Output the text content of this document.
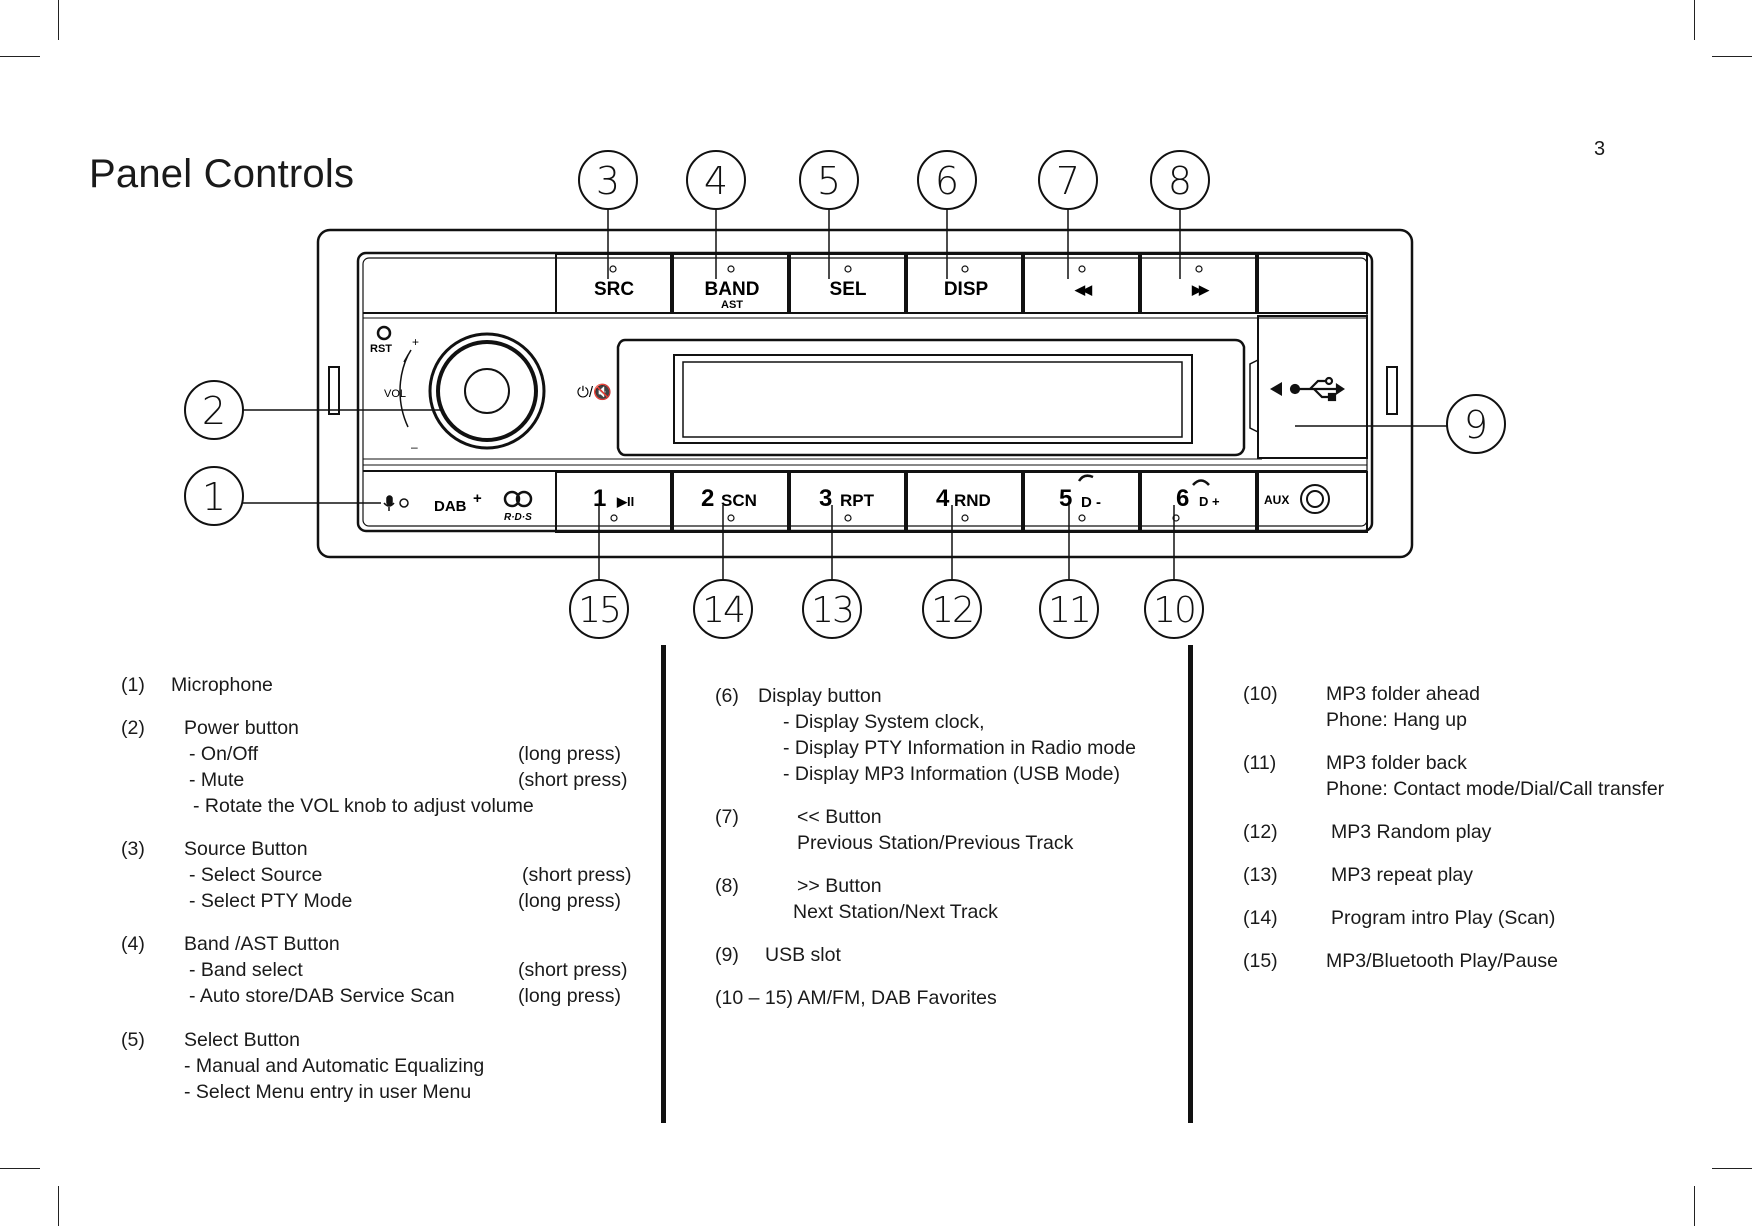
Panel Controls
3
SRC	BAND
AST
SEL	DISP	◀◀	▶▶
1 ▶II	2 SCN	3 RPT	4 RND	5 D -	6 D +
VOL
+
–
RST
⏻/🔇
DAB +
R·D·S
AUX
3 4 5 6	7 8
2
1
9
15 14 13 12 11 10
(1) Microphone
(2) Power button
- On/Off	(long press)
- Mute	(short press)
- Rotate the VOL knob to adjust volume
(3) Source Button
- Select Source	(short press)
- Select PTY Mode	(long press)
(4) Band /AST Button
- Band select	(short press)
- Auto store/DAB Service Scan	(long press)
(5) Select Button
- Manual and Automatic Equalizing
- Select Menu entry in user Menu
(6) Display button
- Display System clock,
- Display PTY Information in Radio mode
- Display MP3 Information (USB Mode)
(7)	<< Button
Previous Station/Previous Track
(8)	>> Button
Next Station/Next Track
(9) USB slot
(10 – 15) AM/FM, DAB Favorites
(10) MP3 folder ahead
Phone: Hang up
(11)	MP3 folder back
Phone: Contact mode/Dial/Call transfer
(12)	MP3 Random play
(13)	MP3 repeat play
(14)	Program intro Play (Scan)
(15) MP3/Bluetooth Play/Pause
